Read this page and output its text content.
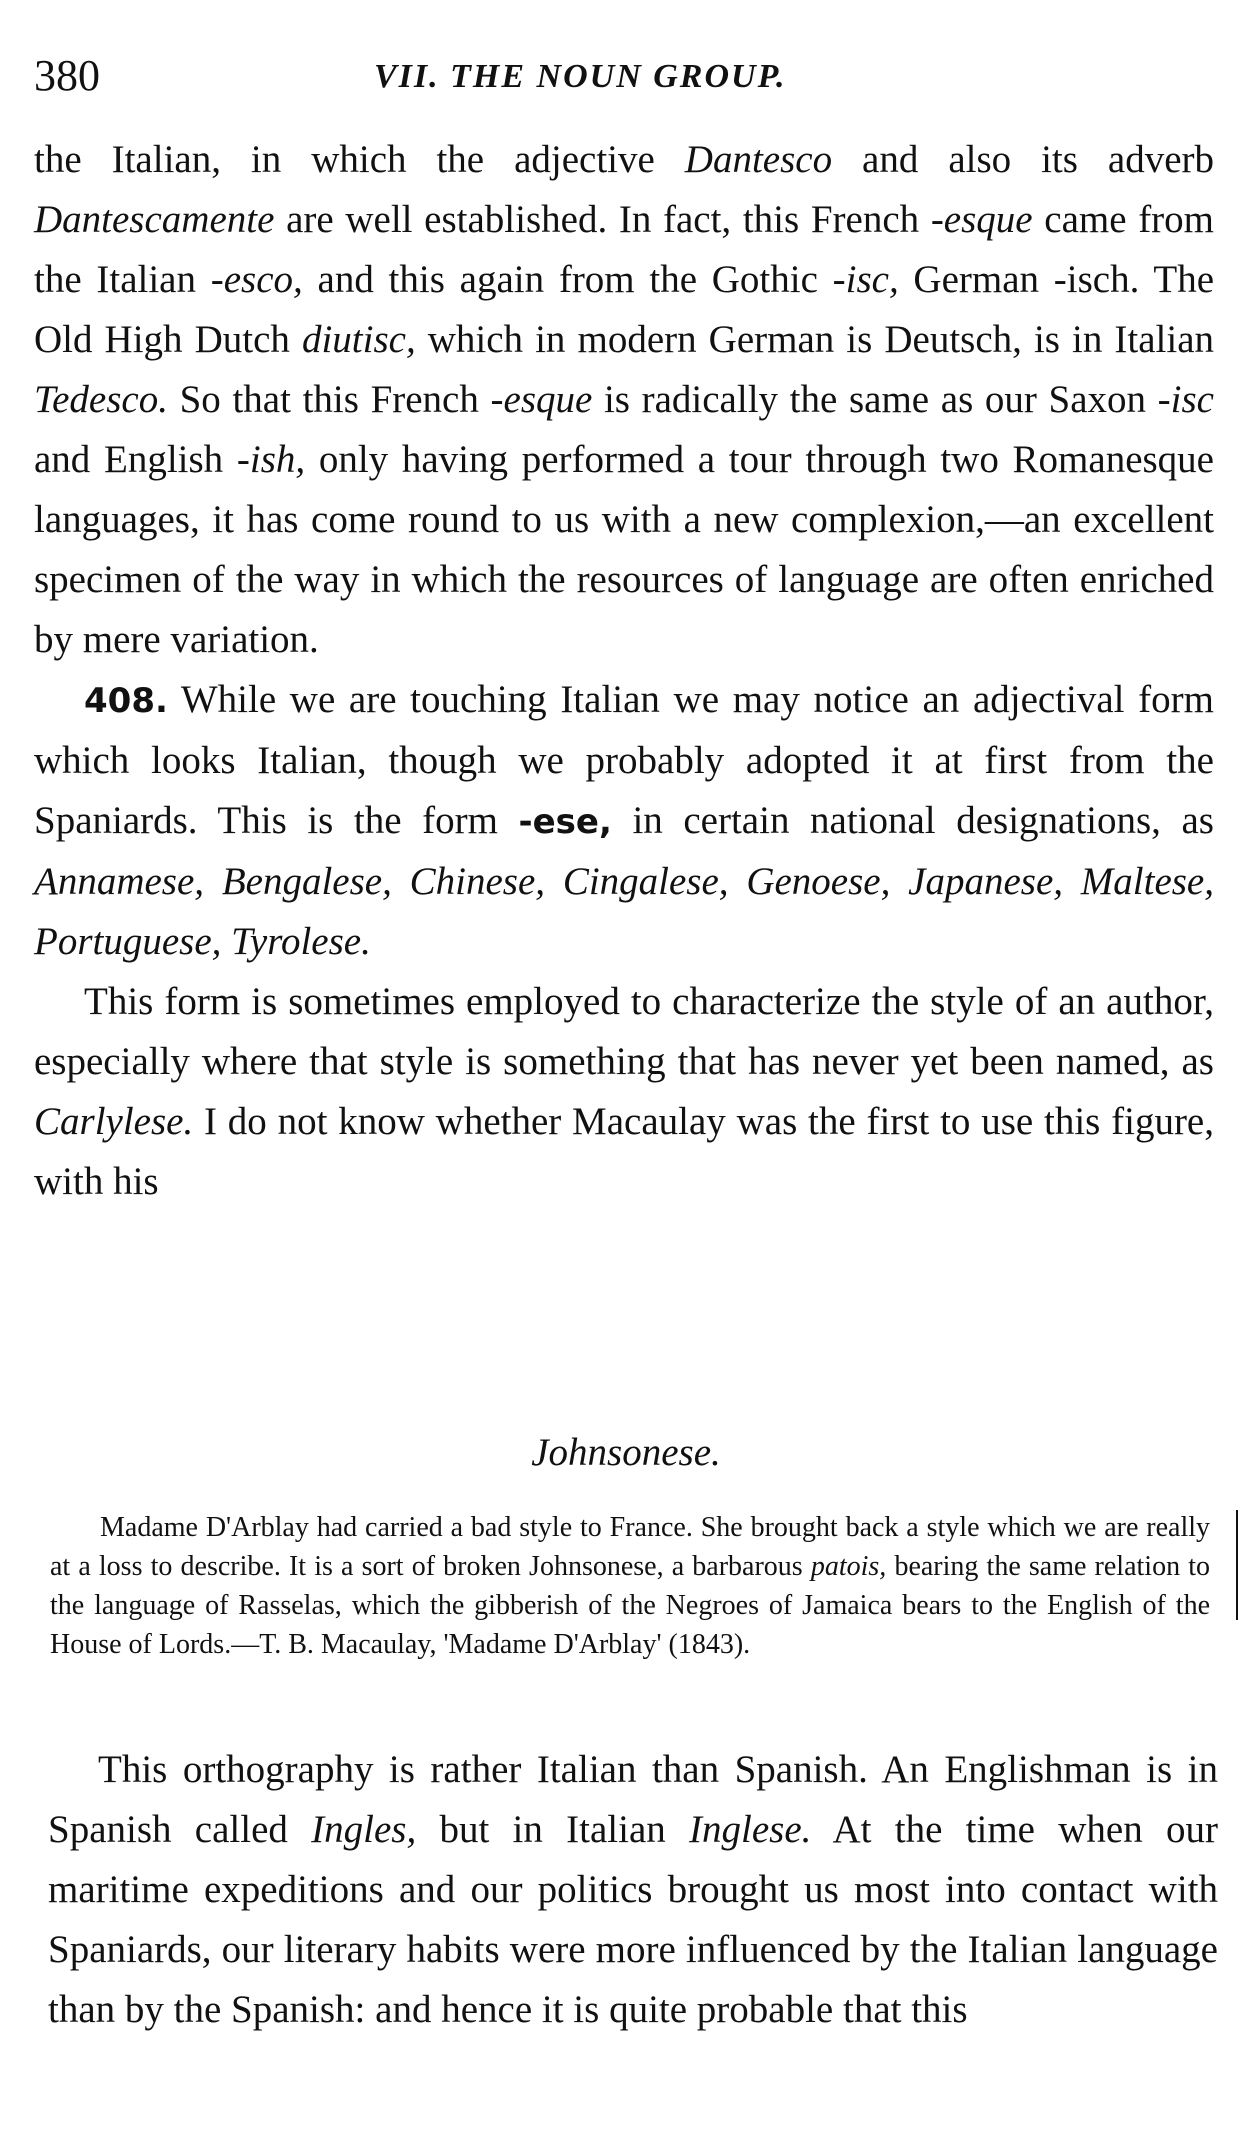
380	VII. THE NOUN GROUP.

the Italian, in which the adjective Dantesco and also its adverb Dantescamente are well established. In fact, this French -esque came from the Italian -esco, and this again from the Gothic -isc, German -isch. The Old High Dutch diutisc, which in modern German is Deutsch, is in Italian Tedesco. So that this French -esque is radically the same as our Saxon -isc and English -ish, only having performed a tour through two Romanesque languages, it has come round to us with a new complexion,—an excellent specimen of the way in which the resources of language are often enriched by mere variation.

408. While we are touching Italian we may notice an adjectival form which looks Italian, though we probably adopted it at first from the Spaniards. This is the form -ese, in certain national designations, as Annamese, Bengalese, Chinese, Cingalese, Genoese, Japanese, Maltese, Portuguese, Tyrolese.

This form is sometimes employed to characterize the style of an author, especially where that style is something that has never yet been named, as Carlylese. I do not know whether Macaulay was the first to use this figure, with his

Johnsonese.

Madame D'Arblay had carried a bad style to France. She brought back a style which we are really at a loss to describe. It is a sort of broken Johnsonese, a barbarous patois, bearing the same relation to the language of Rasselas, which the gibberish of the Negroes of Jamaica bears to the English of the House of Lords.—T. B. Macaulay, 'Madame D'Arblay' (1843).

This orthography is rather Italian than Spanish. An Englishman is in Spanish called Ingles, but in Italian Inglese. At the time when our maritime expeditions and our politics brought us most into contact with Spaniards, our literary habits were more influenced by the Italian language than by the Spanish: and hence it is quite probable that this
